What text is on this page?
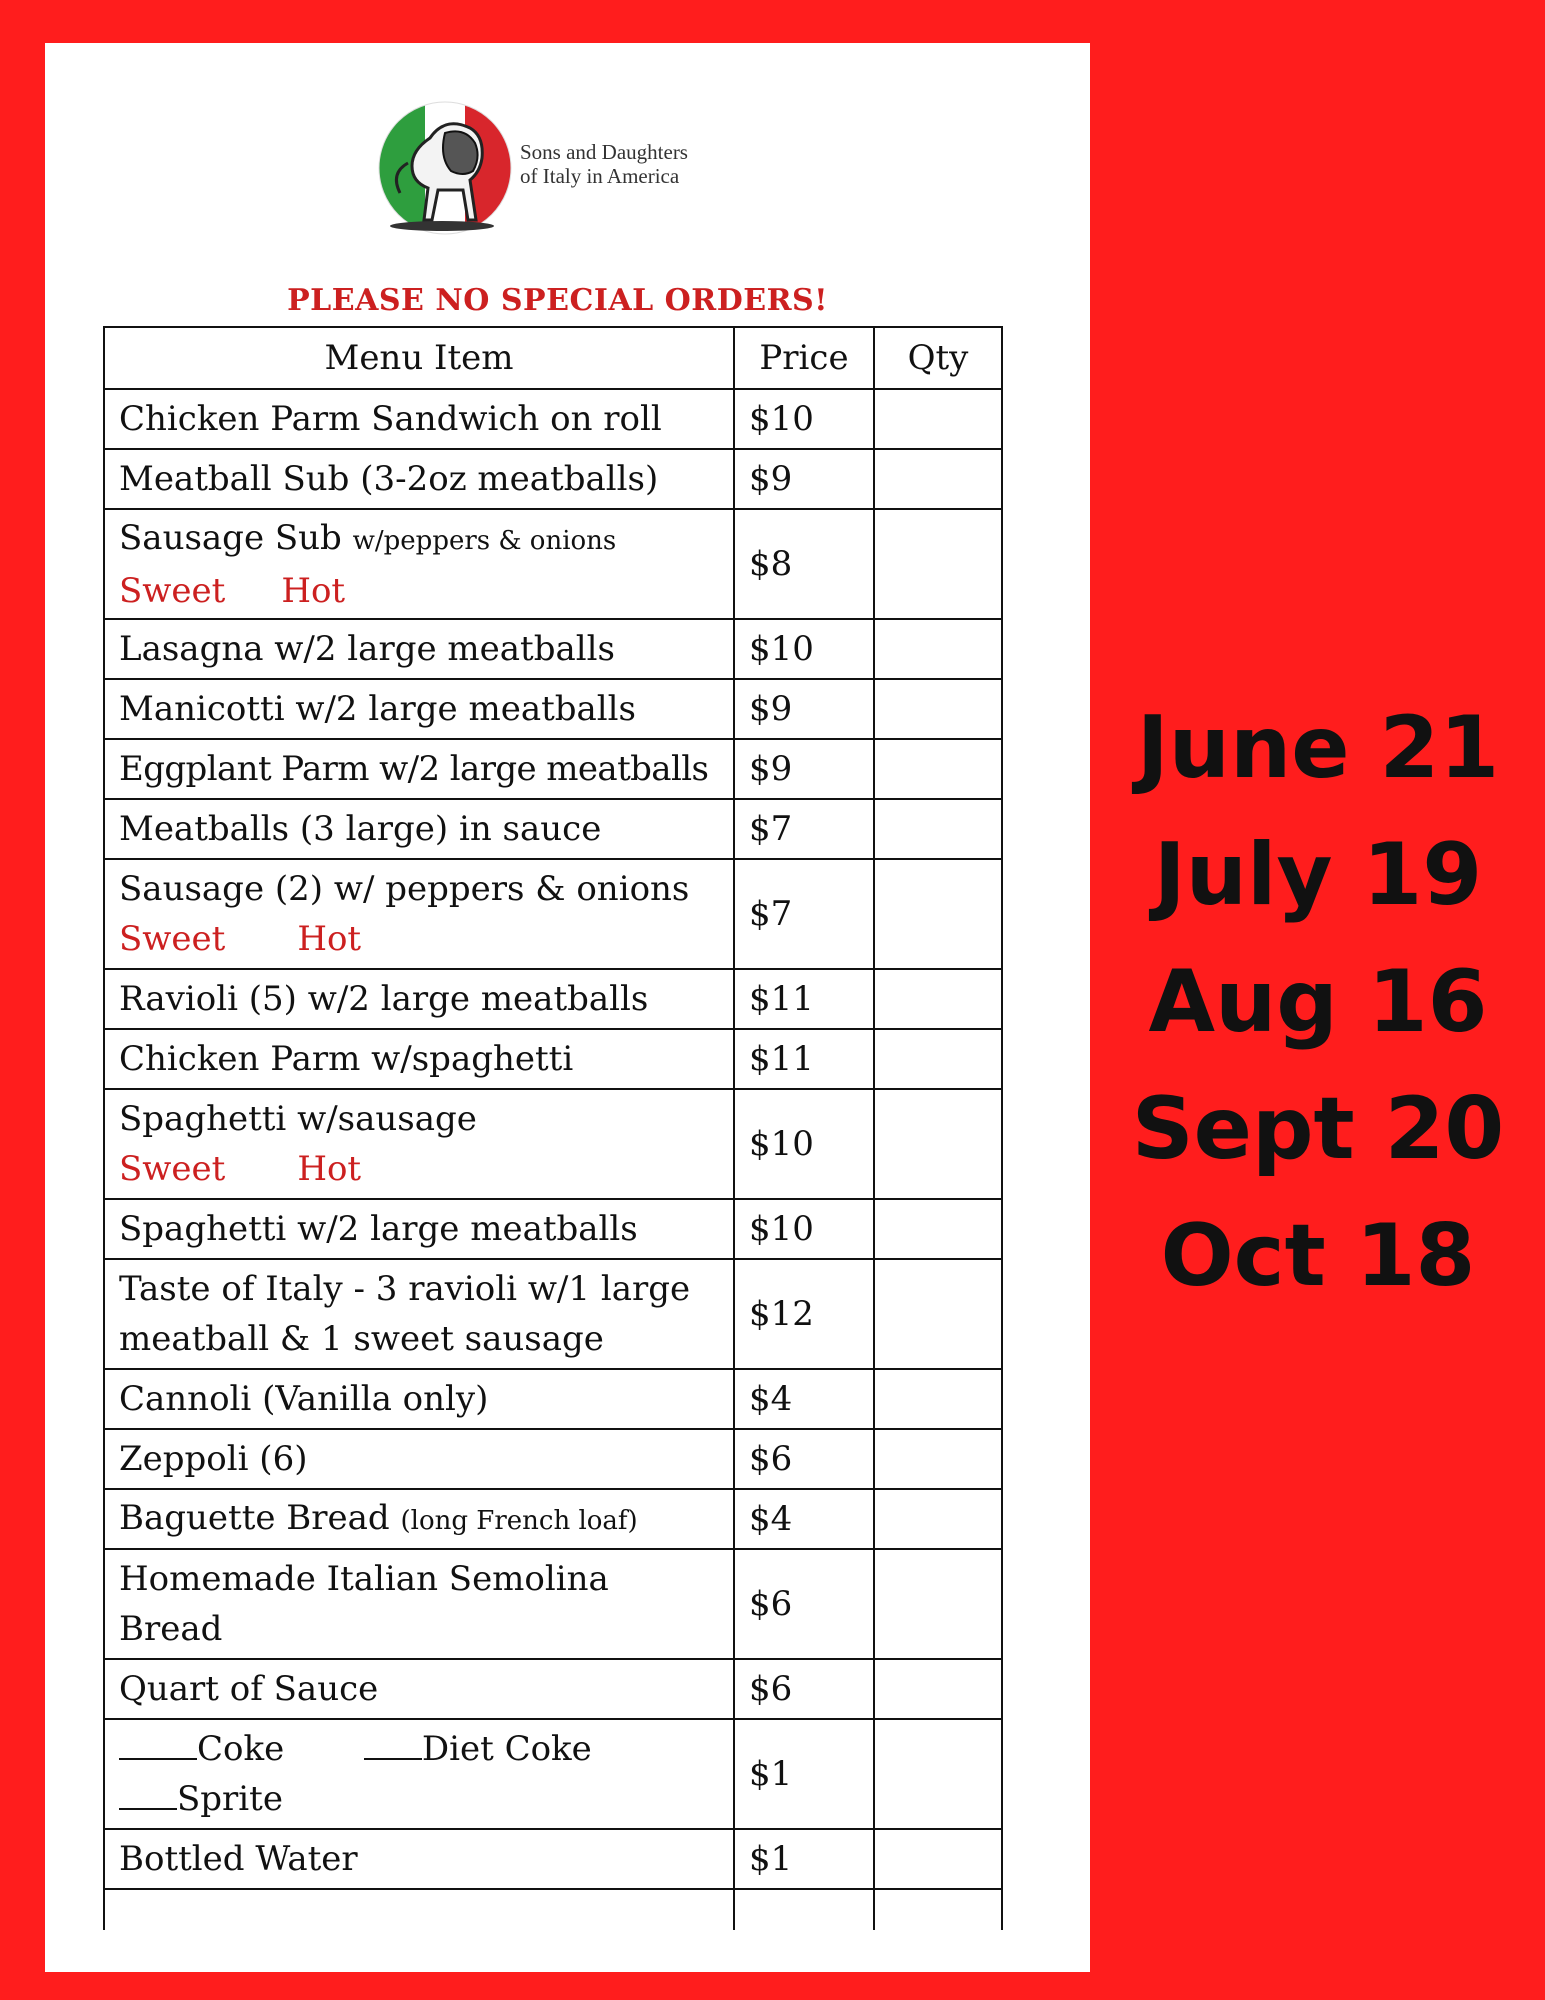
Sons and Daughters
of Italy in America
PLEASE NO SPECIAL ORDERS!
Menu Item	Price	Qty
Chicken Parm Sandwich on roll	$10	
Meatball Sub (3-2oz meatballs)	$9	

Sausage Sub w/peppers & onions
Sweet Hot	$8	
Lasagna w/2 large meatballs	$10	
Manicotti w/2 large meatballs	$9	
Eggplant Parm w/2 large meatballs	$9	
Meatballs (3 large) in sauce	$7	

Sausage (2) w/ peppers & onions
Sweet Hot	$7	
Ravioli (5) w/2 large meatballs	$11	
Chicken Parm w/spaghetti	$11	

Spaghetti w/sausage
Sweet Hot	$10	
Spaghetti w/2 large meatballs	$10	

Taste of Italy - 3 ravioli w/1 large
meatball & 1 sweet sausage	$12	
Cannoli (Vanilla only)	$4	
Zeppoli (6)	$6	
Baguette Bread (long French loaf)	$4	

Homemade Italian Semolina
Bread	$6	
Quart of Sauce	$6	

Coke Diet Coke
Sprite	$1	
Bottled Water	$1	

June 21
July 19
Aug 16
Sept 20
Oct 18
